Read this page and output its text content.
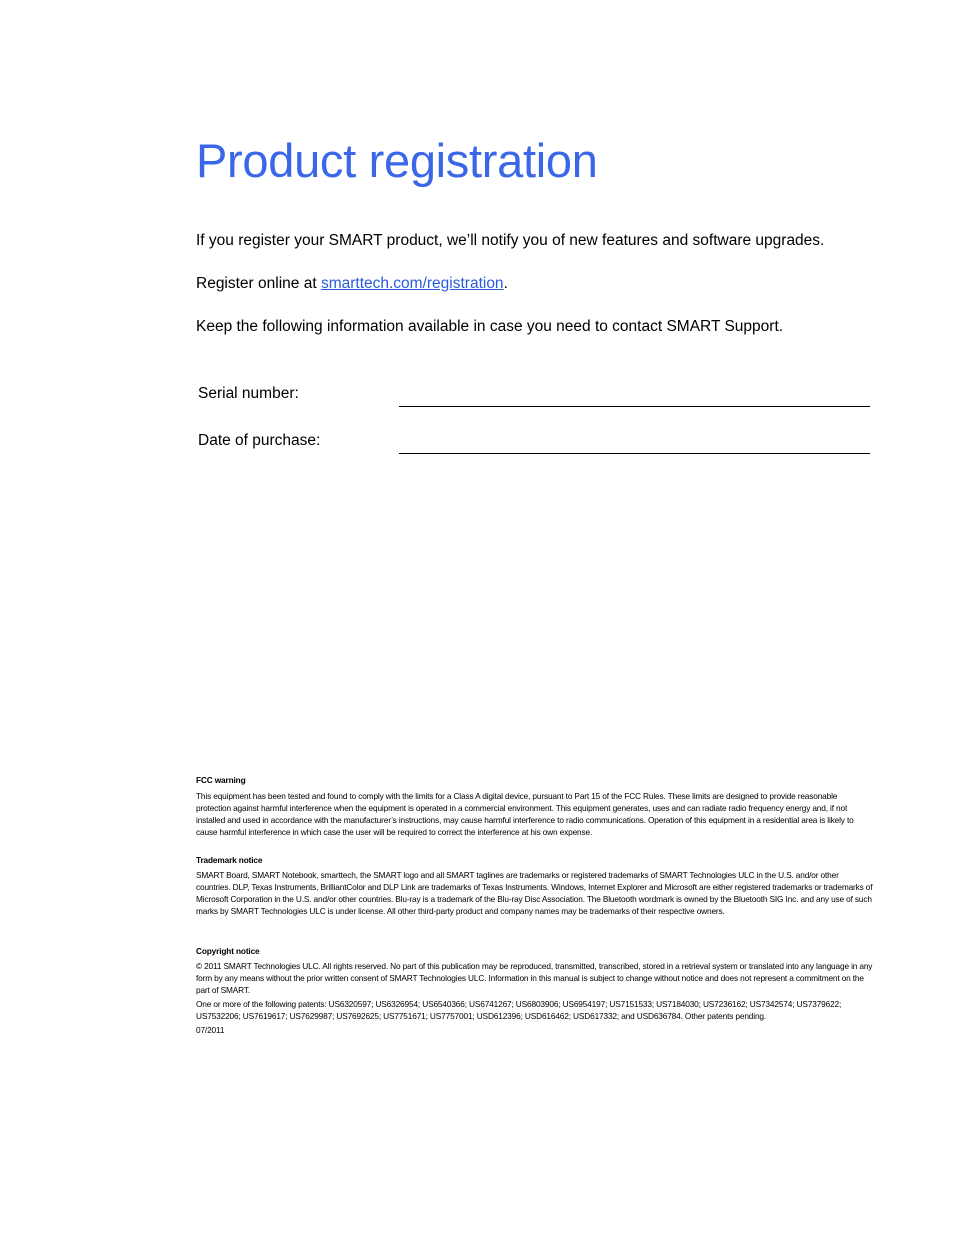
Product registration

If you register your SMART product, we’ll notify you of new features and software upgrades.

Register online at smarttech.com/registration.

Keep the following information available in case you need to contact SMART Support.

Serial number:
Date of purchase:
FCC warning

This equipment has been tested and found to comply with the limits for a Class A digital device, pursuant to Part 15 of the FCC Rules. These limits are designed to provide reasonable protection against harmful interference when the equipment is operated in a commercial environment. This equipment generates, uses and can radiate radio frequency energy and, if not installed and used in accordance with the manufacturer’s instructions, may cause harmful interference to radio communications. Operation of this equipment in a residential area is likely to cause harmful interference in which case the user will be required to correct the interference at his own expense.

Trademark notice

SMART Board, SMART Notebook, smarttech, the SMART logo and all SMART taglines are trademarks or registered trademarks of SMART Technologies ULC in the U.S. and/or other countries. DLP, Texas Instruments, BrilliantColor and DLP Link are trademarks of Texas Instruments. Windows, Internet Explorer and Microsoft are either registered trademarks or trademarks of Microsoft Corporation in the U.S. and/or other countries. Blu-ray is a trademark of the Blu-ray Disc Association. The Bluetooth wordmark is owned by the Bluetooth SIG Inc. and any use of such marks by SMART Technologies ULC is under license. All other third-party product and company names may be trademarks of their respective owners.

Copyright notice

© 2011 SMART Technologies ULC. All rights reserved. No part of this publication may be reproduced, transmitted, transcribed, stored in a retrieval system or translated into any language in any form by any means without the prior written consent of SMART Technologies ULC. Information in this manual is subject to change without notice and does not represent a commitment on the part of SMART.

One or more of the following patents: US6320597; US6326954; US6540366; US6741267; US6803906; US6954197; US7151533; US7184030; US7236162; US7342574; US7379622; US7532206; US7619617; US7629987; US7692625; US7751671; US7757001; USD612396; USD616462; USD617332; and USD636784. Other patents pending.

07/2011
